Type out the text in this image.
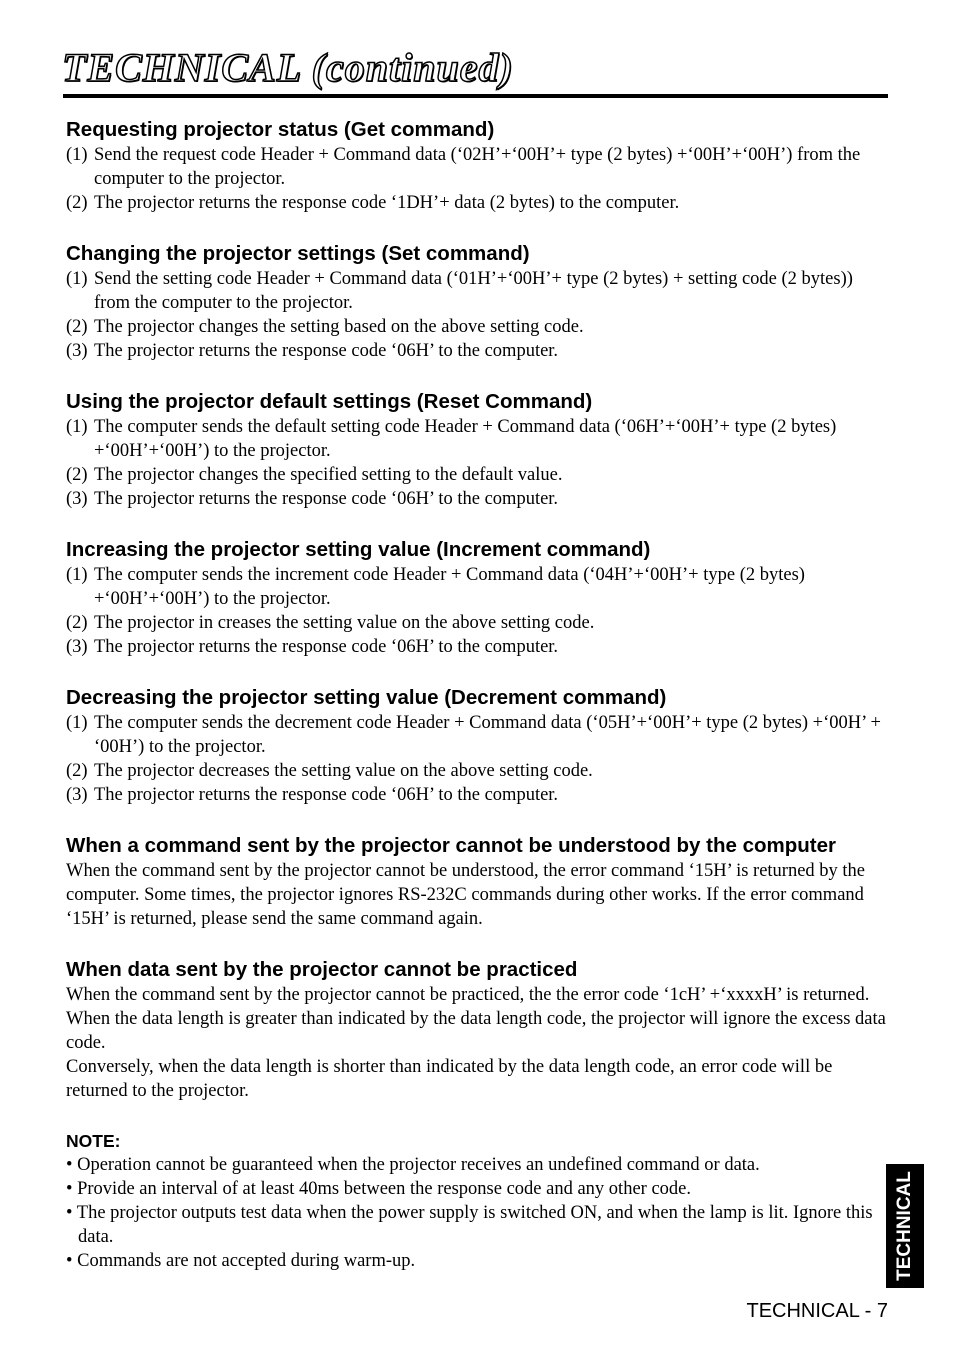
TECHNICAL (continued)
Requesting projector status (Get command)
(1) Send the request code Header + Command data (‘02H’+‘00H’+ type (2 bytes) +‘00H’+‘00H’) from the computer to the projector.
(2) The projector returns the response code ‘1DH’+ data (2 bytes) to the computer.
Changing the projector settings (Set command)
(1) Send the setting code Header + Command data (‘01H’+‘00H’+ type (2 bytes) + setting code (2 bytes)) from the computer to the projector.
(2) The projector changes the setting based on the above setting code.
(3) The projector returns the response code ‘06H’ to the computer.
Using the projector default settings (Reset Command)
(1) The computer sends the default setting code Header + Command data (‘06H’+‘00H’+ type (2 bytes) +‘00H’+‘00H’) to the projector.
(2) The projector changes the specified setting to the default value.
(3) The projector returns the response code ‘06H’ to the computer.
Increasing the projector setting value (Increment command)
(1) The computer sends the increment code Header + Command data (‘04H’+‘00H’+ type (2 bytes) +‘00H’+‘00H’) to the projector.
(2) The projector in creases the setting value on the above setting code.
(3) The projector returns the response code ‘06H’ to the computer.
Decreasing the projector setting value (Decrement command)
(1) The computer sends the decrement code Header + Command data (‘05H’+‘00H’+ type (2 bytes) +‘00H’ + ‘00H’) to the projector.
(2) The projector decreases the setting value on the above setting code.
(3) The projector returns the response code ‘06H’ to the computer.
When a command sent by the projector cannot be understood by the computer

When the command sent by the projector cannot be understood, the error command ‘15H’ is returned by the computer. Some times, the projector ignores RS-232C commands during other works. If the error command ‘15H’ is returned, please send the same command again.

When data sent by the projector cannot be practiced

When the command sent by the projector cannot be practiced, the the error code ‘1cH’ +‘xxxxH’ is returned.

When the data length is greater than indicated by the data length code, the projector will ignore the excess data code.

Conversely, when the data length is shorter than indicated by the data length code, an error code will be returned to the projector.

NOTE:

• Operation cannot be guaranteed when the projector receives an undefined command or data.
• Provide an interval of at least 40ms between the response code and any other code.
• The projector outputs test data when the power supply is switched ON, and when the lamp is lit. Ignore this data.
• Commands are not accepted during warm-up.	TECHNICAL
TECHNICAL - 7
